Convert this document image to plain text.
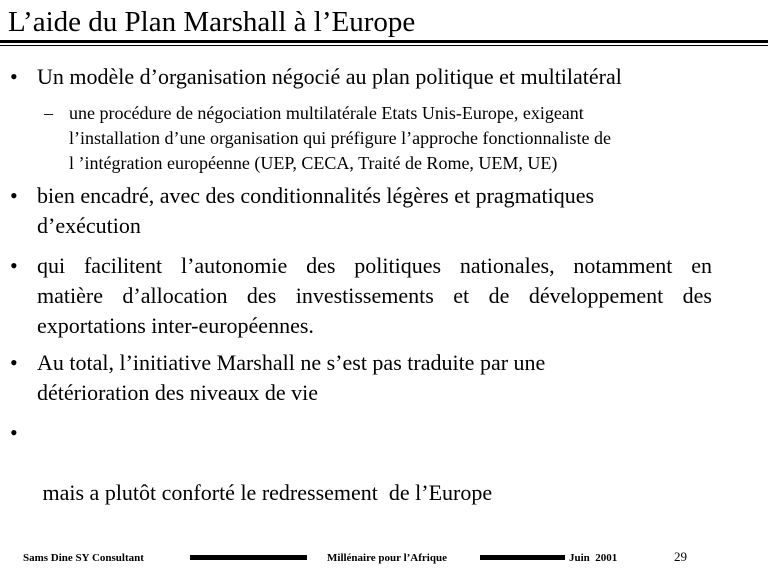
L’aide du Plan Marshall à l’Europe
• Un modèle d’organisation négocié au plan politique et multilatéral
– une procédure de négociation multilatérale Etats Unis-Europe, exigeant
l’installation d’une organisation qui préfigure l’approche fonctionnaliste de
l ’intégration européenne (UEP, CECA, Traité de Rome, UEM, UE)
• bien encadré, avec des conditionnalités légères et pragmatiques
d’exécution
• qui facilitent l’autonomie des politiques nationales, notamment en
matière d’allocation des investissements et de développement des
exportations inter-européennes.
• Au total, l’initiative Marshall ne s’est pas traduite par une
détérioration des niveaux de vie
•

mais a plutôt conforté le redressement  de l’Europe

Sams Dine SY Consultant	Millénaire pour l’Afrique	Juin  2001	29
